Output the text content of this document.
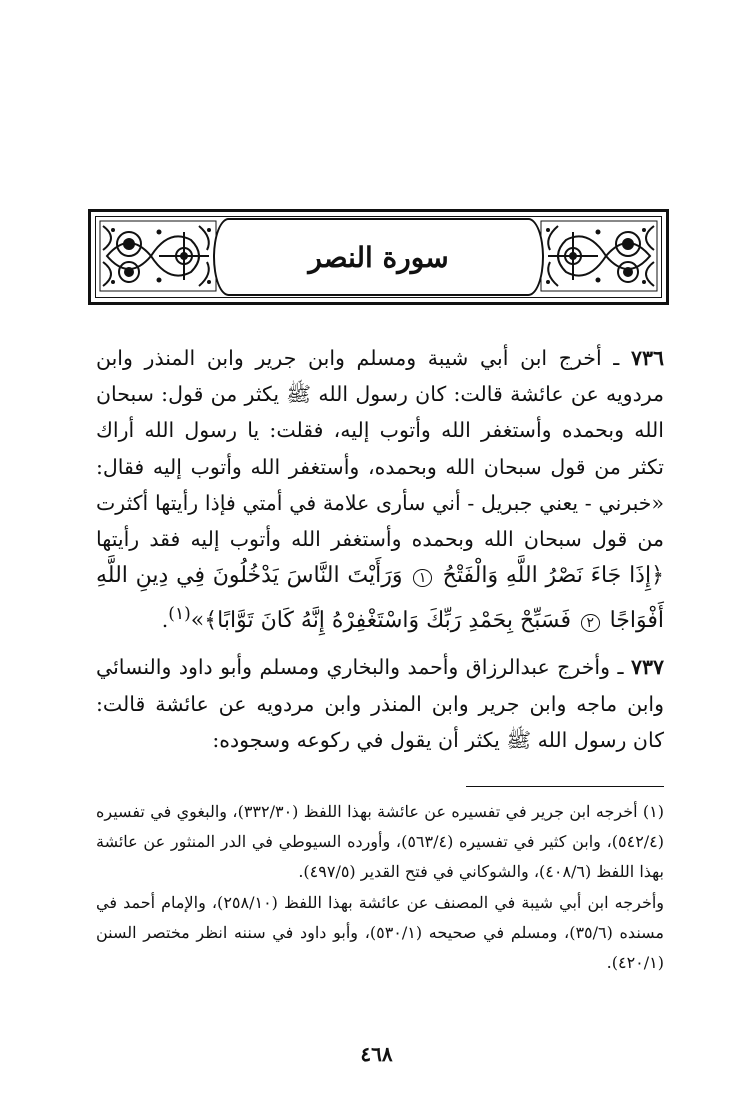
سورة النصر

٧٣٦ ـ أخرج ابن أبي شيبة ومسلم وابن جرير وابن المنذر وابن مردويه عن عائشة قالت: كان رسول الله ﷺ يكثر من قول: سبحان الله وبحمده وأستغفر الله وأتوب إليه، فقلت: يا رسول الله أراك تكثر من قول سبحان الله وبحمده، وأستغفر الله وأتوب إليه فقال: «خبرني - يعني جبريل - أني سأرى علامة في أمتي فإذا رأيتها أكثرت من قول سبحان الله وبحمده وأستغفر الله وأتوب إليه فقد رأيتها ﴿إِذَا جَاءَ نَصْرُ اللَّهِ وَالْفَتْحُ ١ وَرَأَيْتَ النَّاسَ يَدْخُلُونَ فِي دِينِ اللَّهِ أَفْوَاجًا ٢ فَسَبِّحْ بِحَمْدِ رَبِّكَ وَاسْتَغْفِرْهُ إِنَّهُ كَانَ تَوَّابًا﴾»$^{(١)}$.

٧٣٧ ـ وأخرج عبدالرزاق وأحمد والبخاري ومسلم وأبو داود والنسائي وابن ماجه وابن جرير وابن المنذر وابن مردويه عن عائشة قالت: كان رسول الله ﷺ يكثر أن يقول في ركوعه وسجوده:

(١) أخرجه ابن جرير في تفسيره عن عائشة بهذا اللفظ (٣٣٢/٣٠)، والبغوي في تفسيره (٥٤٢/٤)، وابن كثير في تفسيره (٥٦٣/٤)، وأورده السيوطي في الدر المنثور عن عائشة بهذا اللفظ (٤٠٨/٦)، والشوكاني في فتح القدير (٤٩٧/٥).

وأخرجه ابن أبي شيبة في المصنف عن عائشة بهذا اللفظ (٢٥٨/١٠)، والإمام أحمد في مسنده (٣٥/٦)، ومسلم في صحيحه (٥٣٠/١)، وأبو داود في سننه انظر مختصر السنن (٤٢٠/١).

٤٦٨
